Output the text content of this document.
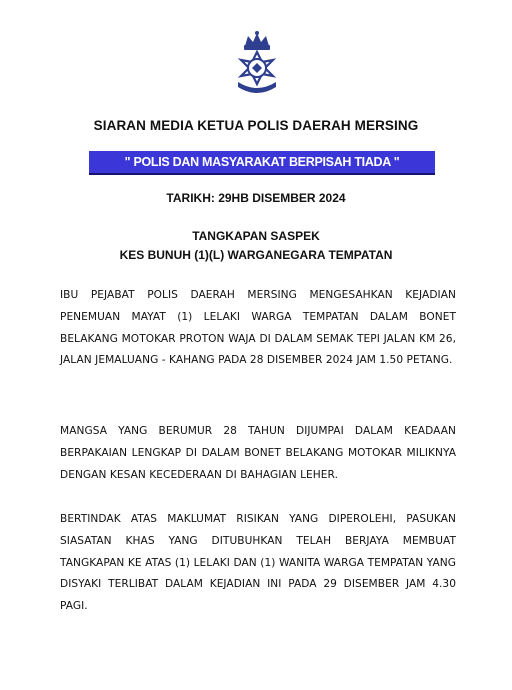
SIARAN MEDIA KETUA POLIS DAERAH MERSING
" POLIS DAN MASYARAKAT BERPISAH TIADA "
TARIKH: 29HB DISEMBER 2024
TANGKAPAN SASPEK
KES BUNUH (1)(L) WARGANEGARA TEMPATAN
IBU PEJABAT POLIS DAERAH MERSING MENGESAHKAN KEJADIAN PENEMUAN MAYAT (1) LELAKI WARGA TEMPATAN DALAM BONET BELAKANG MOTOKAR PROTON WAJA DI DALAM SEMAK TEPI JALAN KM 26, JALAN JEMALUANG - KAHANG PADA 28 DISEMBER 2024 JAM 1.50 PETANG.
MANGSA YANG BERUMUR 28 TAHUN DIJUMPAI DALAM KEADAAN BERPAKAIAN LENGKAP DI DALAM BONET BELAKANG MOTOKAR MILIKNYA DENGAN KESAN KECEDERAAN DI BAHAGIAN LEHER.
BERTINDAK ATAS MAKLUMAT RISIKAN YANG DIPEROLEHI, PASUKAN SIASATAN KHAS YANG DITUBUHKAN TELAH BERJAYA MEMBUAT TANGKAPAN KE ATAS (1) LELAKI DAN (1) WANITA WARGA TEMPATAN YANG DISYAKI TERLIBAT DALAM KEJADIAN INI PADA 29 DISEMBER JAM 4.30 PAGI.
